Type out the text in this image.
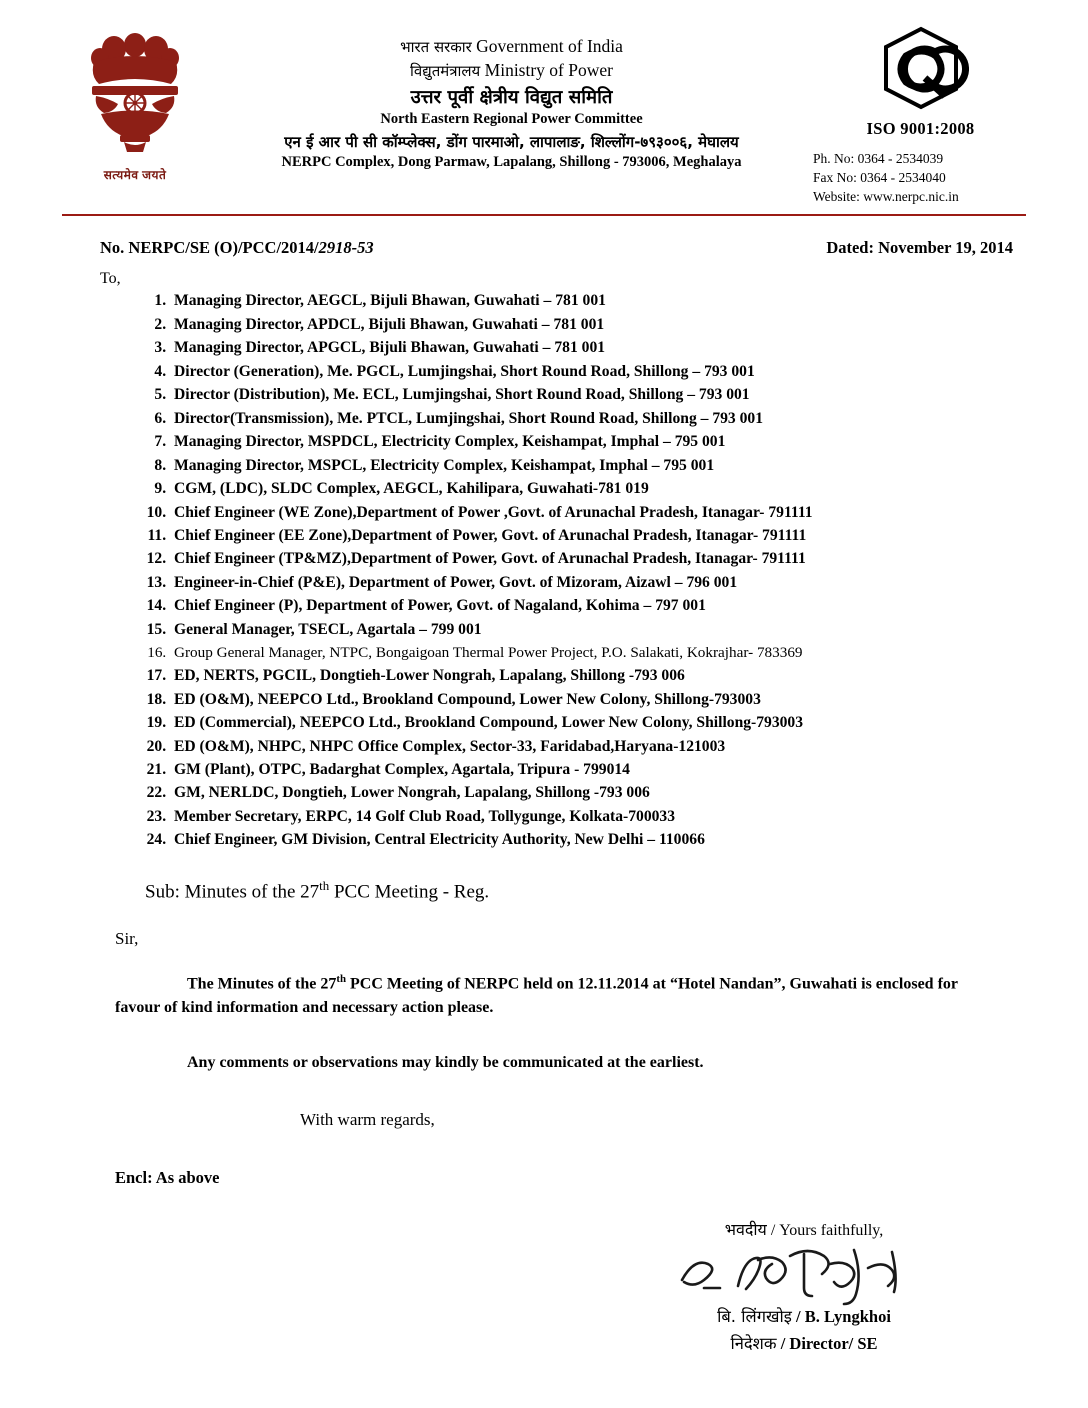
सत्यमेव जयते
भारत सरकार Government of India
विद्युतमंत्रालय Ministry of Power
उत्तर पूर्वी क्षेत्रीय विद्युत समिति
North Eastern Regional Power Committee
एन ई आर पी सी कॉम्प्लेक्स, डोंग पारमाओ, लापालाङ, शिल्लोंग-७९३००६, मेघालय
NERPC Complex, Dong Parmaw, Lapalang, Shillong - 793006, Meghalaya
ISO 9001:2008
Ph. No: 0364 - 2534039
Fax No: 0364 - 2534040
Website: www.nerpc.nic.in
No. NERPC/SE (O)/PCC/2014/2918-53	Dated: November 19, 2014
To,
1. Managing Director, AEGCL, Bijuli Bhawan, Guwahati – 781 001
2. Managing Director, APDCL, Bijuli Bhawan, Guwahati – 781 001
3. Managing Director, APGCL, Bijuli Bhawan, Guwahati – 781 001
4. Director (Generation), Me. PGCL, Lumjingshai, Short Round Road, Shillong – 793 001
5. Director (Distribution), Me. ECL, Lumjingshai, Short Round Road, Shillong – 793 001
6. Director(Transmission), Me. PTCL, Lumjingshai, Short Round Road, Shillong – 793 001
7. Managing Director, MSPDCL, Electricity Complex, Keishampat, Imphal – 795 001
8. Managing Director, MSPCL, Electricity Complex, Keishampat, Imphal – 795 001
9. CGM, (LDC), SLDC Complex, AEGCL, Kahilipara, Guwahati-781 019
10. Chief Engineer (WE Zone),Department of Power ,Govt. of Arunachal Pradesh, Itanagar- 791111
11. Chief Engineer (EE Zone),Department of Power, Govt. of Arunachal Pradesh, Itanagar- 791111
12. Chief Engineer (TP&MZ),Department of Power, Govt. of Arunachal Pradesh, Itanagar- 791111
13. Engineer-in-Chief (P&E), Department of Power, Govt. of Mizoram, Aizawl – 796 001
14. Chief Engineer (P), Department of Power, Govt. of Nagaland, Kohima – 797 001
15. General Manager, TSECL, Agartala – 799 001
16. Group General Manager, NTPC, Bongaigoan Thermal Power Project, P.O. Salakati, Kokrajhar- 783369
17. ED, NERTS, PGCIL, Dongtieh-Lower Nongrah, Lapalang, Shillong -793 006
18. ED (O&M), NEEPCO Ltd., Brookland Compound, Lower New Colony, Shillong-793003
19. ED (Commercial), NEEPCO Ltd., Brookland Compound, Lower New Colony, Shillong-793003
20. ED (O&M), NHPC, NHPC Office Complex, Sector-33, Faridabad,Haryana-121003
21. GM (Plant), OTPC, Badarghat Complex, Agartala, Tripura - 799014
22. GM, NERLDC, Dongtieh, Lower Nongrah, Lapalang, Shillong -793 006
23. Member Secretary, ERPC, 14 Golf Club Road, Tollygunge, Kolkata-700033
24. Chief Engineer, GM Division, Central Electricity Authority, New Delhi – 110066
Sub: Minutes of the 27th PCC Meeting - Reg.
Sir,
The Minutes of the 27th PCC Meeting of NERPC held on 12.11.2014 at “Hotel Nandan”, Guwahati is enclosed for favour of kind information and necessary action please.
Any comments or observations may kindly be communicated at the earliest.
With warm regards,
Encl: As above
भवदीय / Yours faithfully,
बि. लिंगखोइ / B. Lyngkhoi
निदेशक / Director/ SE
